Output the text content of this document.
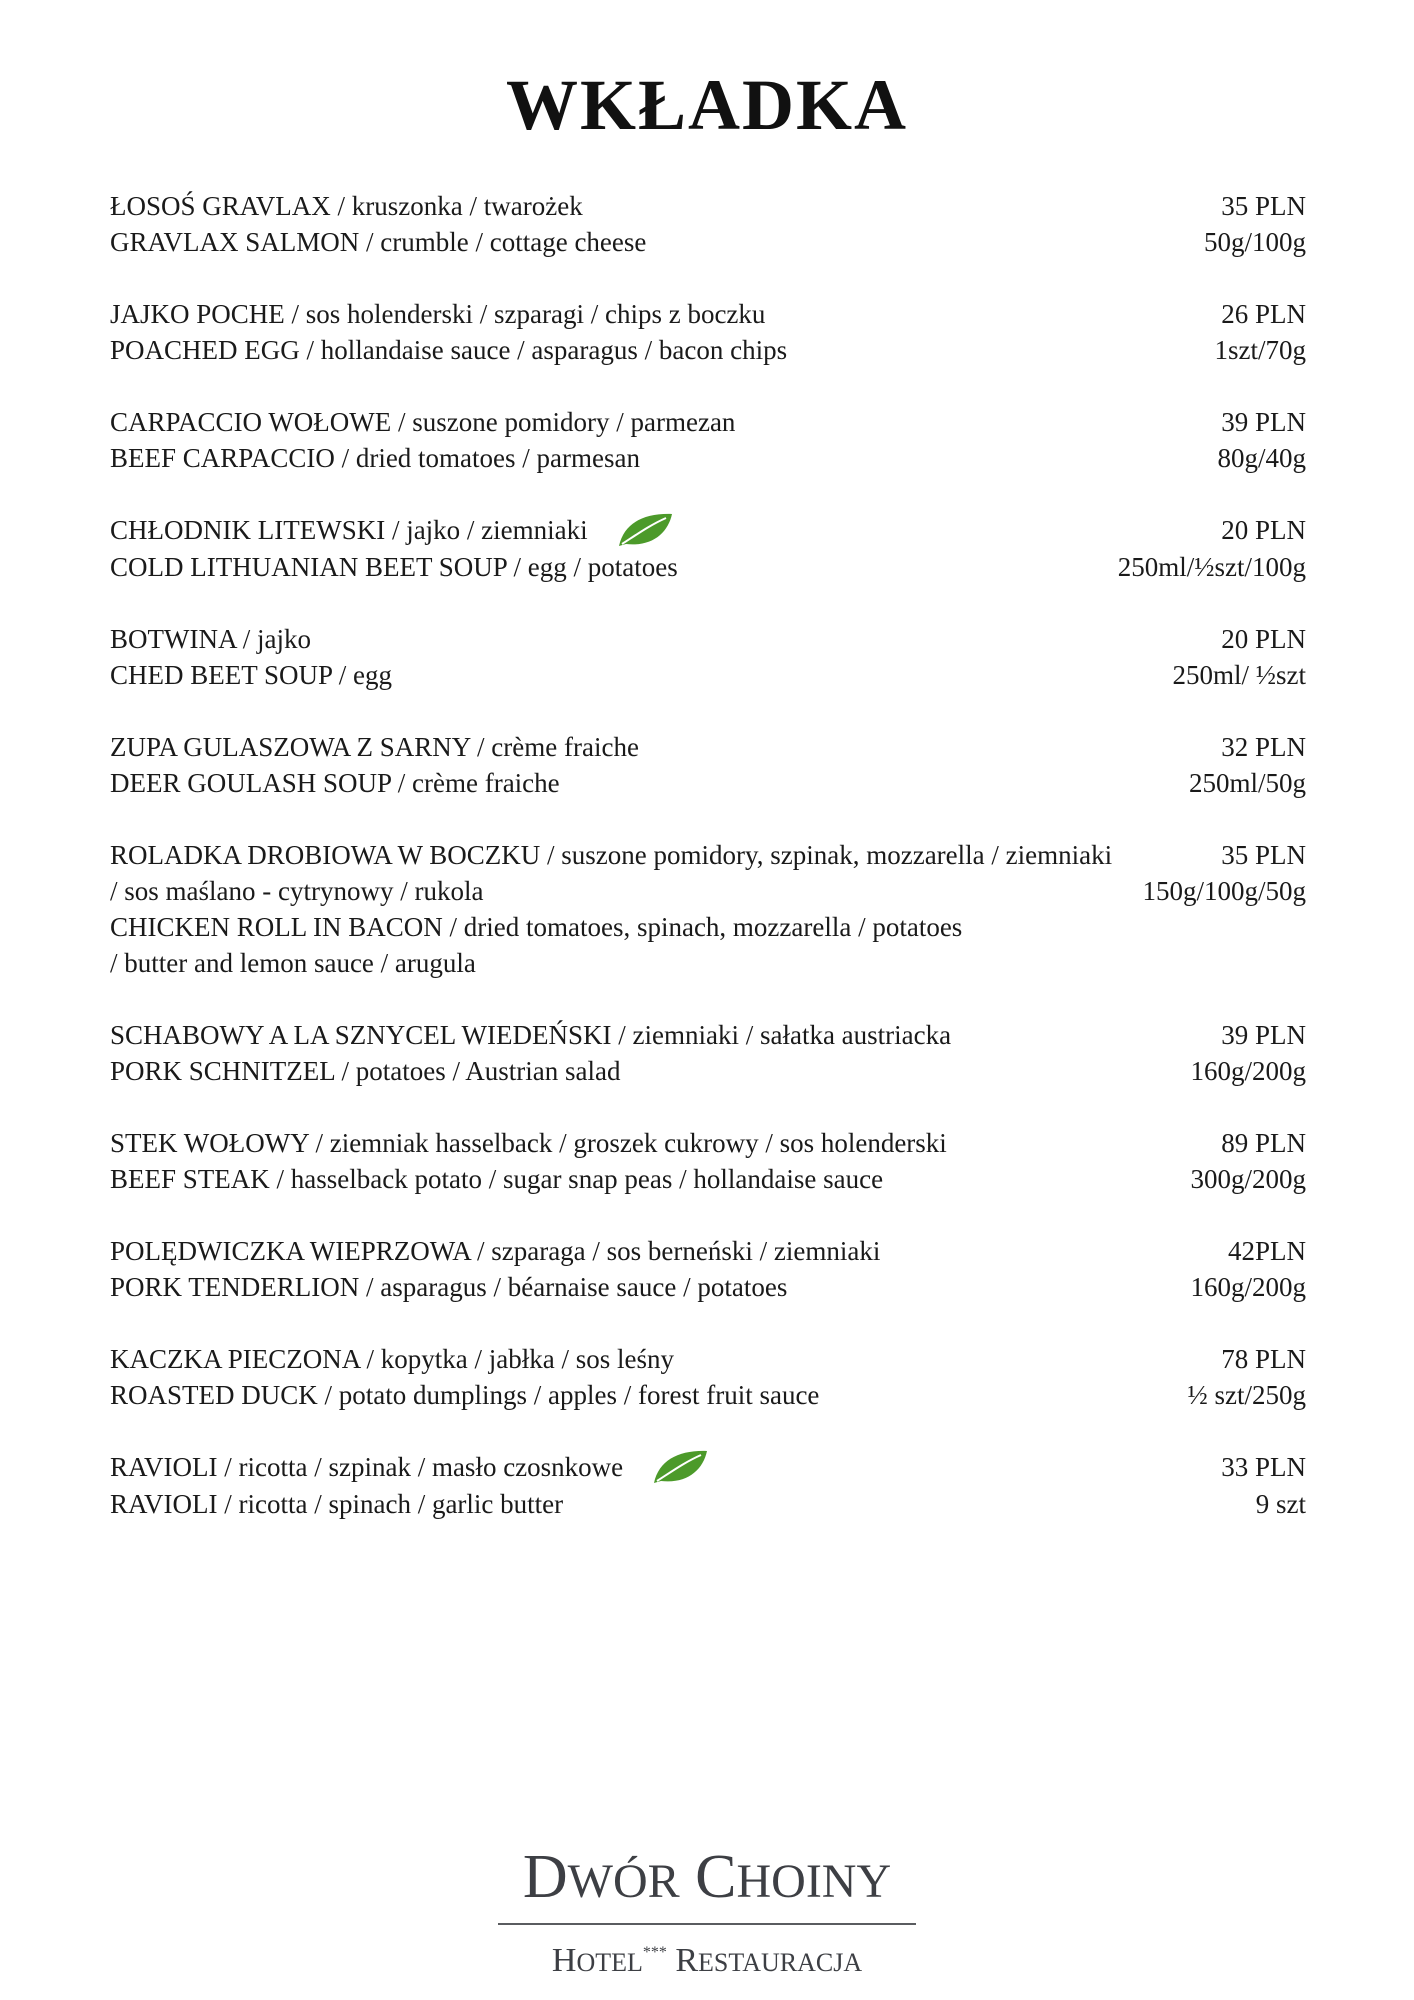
WKŁADKA
ŁOSOŚ GRAVLAX / kruszonka / twarożek	35 PLN
GRAVLAX SALMON / crumble / cottage cheese	50g/100g
JAJKO POCHE / sos holenderski / szparagi / chips z boczku	26 PLN
POACHED EGG / hollandaise sauce / asparagus / bacon chips	1szt/70g
CARPACCIO WOŁOWE / suszone pomidory / parmezan	39 PLN
BEEF CARPACCIO / dried tomatoes / parmesan	80g/40g
CHŁODNIK LITEWSKI / jajko / ziemniaki	20 PLN
COLD LITHUANIAN BEET SOUP / egg / potatoes	250ml/½szt/100g
BOTWINA / jajko	20 PLN
CHED BEET SOUP / egg	250ml/ ½szt
ZUPA GULASZOWA Z SARNY / crème fraiche	32 PLN
DEER GOULASH SOUP / crème fraiche	250ml/50g
ROLADKA DROBIOWA W BOCZKU / suszone pomidory, szpinak, mozzarella / ziemniaki	35 PLN
/ sos maślano - cytrynowy / rukola	150g/100g/50g
CHICKEN ROLL IN BACON / dried tomatoes, spinach, mozzarella / potatoes
/ butter and lemon sauce / arugula
SCHABOWY A LA SZNYCEL WIEDEŃSKI / ziemniaki / sałatka austriacka	39 PLN
PORK SCHNITZEL / potatoes / Austrian salad	160g/200g
STEK WOŁOWY / ziemniak hasselback / groszek cukrowy / sos holenderski	89 PLN
BEEF STEAK / hasselback potato / sugar snap peas / hollandaise sauce	300g/200g
POLĘDWICZKA WIEPRZOWA / szparaga / sos berneński / ziemniaki	42PLN
PORK TENDERLION / asparagus / béarnaise sauce / potatoes	160g/200g
KACZKA PIECZONA / kopytka / jabłka / sos leśny	78 PLN
ROASTED DUCK / potato dumplings / apples / forest fruit sauce	½ szt/250g
RAVIOLI / ricotta / szpinak / masło czosnkowe	33 PLN
RAVIOLI / ricotta / spinach / garlic butter	9 szt
DWÓR CHOINY
HOTEL*** RESTAURACJA
